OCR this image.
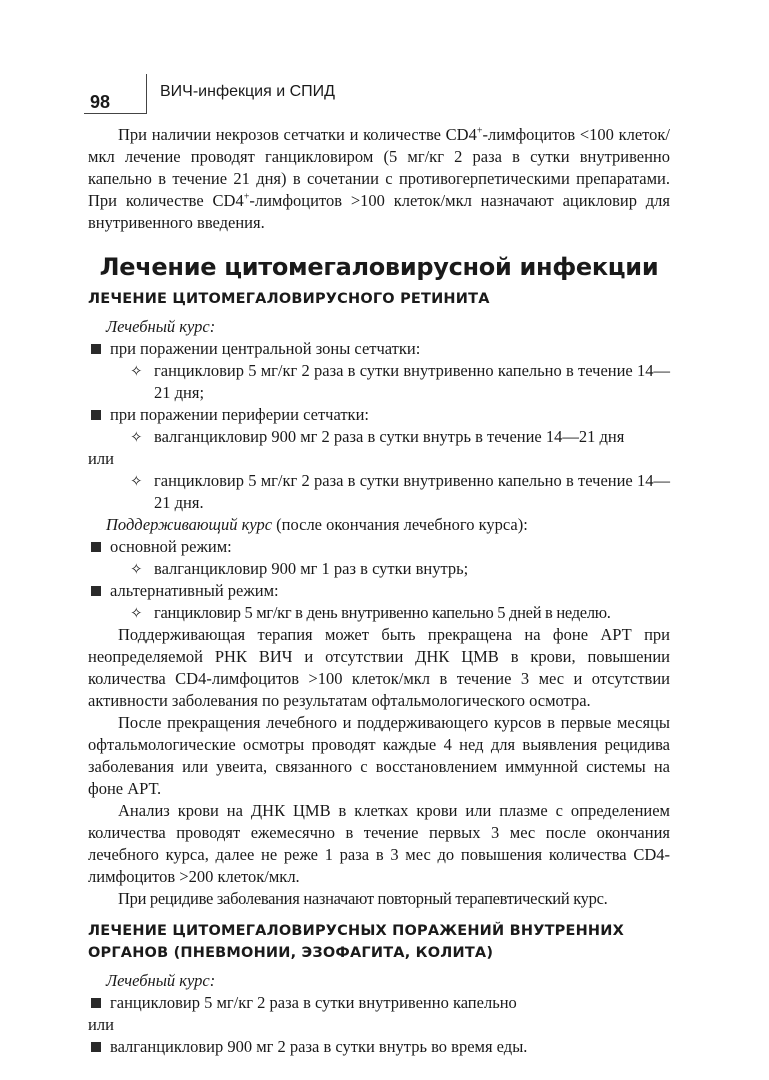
98
ВИЧ-инфекция и СПИД

При наличии некрозов сетчатки и количестве CD4+-лимфоцитов <100 клеток/мкл лечение проводят ганцикловиром (5 мг/кг 2 раза в сутки внутривенно капельно в течение 21 дня) в сочетании с противогерпетическими препаратами. При количестве CD4+-лимфоцитов >100 клеток/мкл назначают ацикловир для внутривенного введения.

Лечение цитомегаловирусной инфекции
ЛЕЧЕНИЕ ЦИТОМЕГАЛОВИРУСНОГО РЕТИНИТА

Лечебный курс:

при поражении центральной зоны сетчатки:
✧ ганцикловир 5 мг/кг 2 раза в сутки внутривенно капельно в течение 14—21 дня;
при поражении периферии сетчатки:
✧ валганцикловир 900 мг 2 раза в сутки внутрь в течение 14—21 дня

или

✧ ганцикловир 5 мг/кг 2 раза в сутки внутривенно капельно в течение 14—21 дня.

Поддерживающий курс (после окончания лечебного курса):

основной режим:
✧ валганцикловир 900 мг 1 раз в сутки внутрь;
альтернативный режим:
✧ ганцикловир 5 мг/кг в день внутривенно капельно 5 дней в неделю.

Поддерживающая терапия может быть прекращена на фоне АРТ при неопределяемой РНК ВИЧ и отсутствии ДНК ЦМВ в крови, повышении количества CD4-лимфоцитов >100 клеток/мкл в течение 3 мес и отсутствии активности заболевания по результатам офтальмологического осмотра.

После прекращения лечебного и поддерживающего курсов в первые месяцы офтальмологические осмотры проводят каждые 4 нед для выявления рецидива заболевания или увеита, связанного с восстановлением иммунной системы на фоне АРТ.

Анализ крови на ДНК ЦМВ в клетках крови или плазме с определением количества проводят ежемесячно в течение первых 3 мес после окончания лечебного курса, далее не реже 1 раза в 3 мес до повышения количества CD4-лимфоцитов >200 клеток/мкл.

При рецидиве заболевания назначают повторный терапевтический курс.

ЛЕЧЕНИЕ ЦИТОМЕГАЛОВИРУСНЫХ ПОРАЖЕНИЙ ВНУТРЕННИХ ОРГАНОВ (ПНЕВМОНИИ, ЭЗОФАГИТА, КОЛИТА)

Лечебный курс:

ганцикловир 5 мг/кг 2 раза в сутки внутривенно капельно

или

валганцикловир 900 мг 2 раза в сутки внутрь во время еды.
